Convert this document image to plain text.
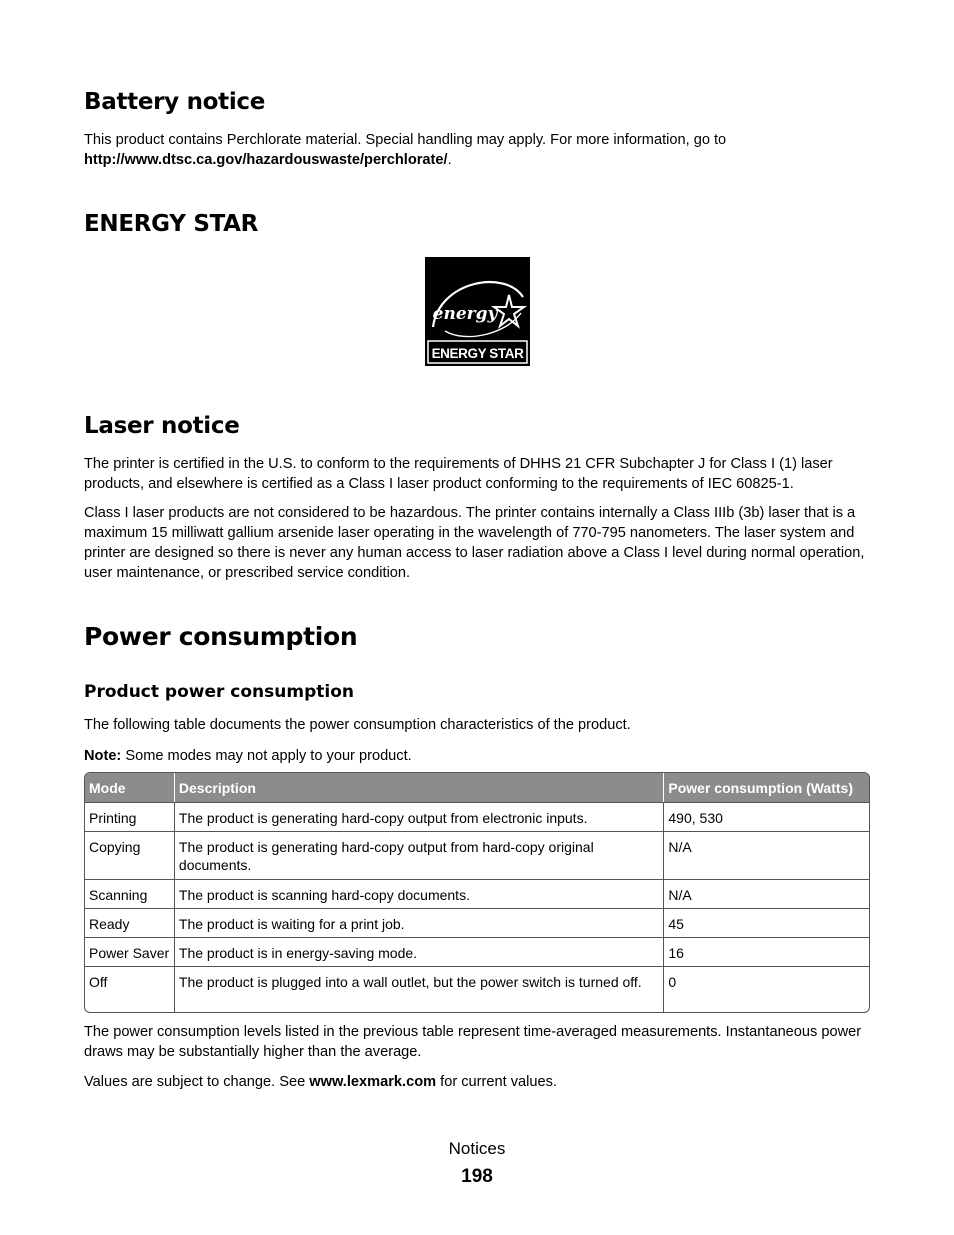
Battery notice

This product contains Perchlorate material. Special handling may apply. For more information, go to
http://www.dtsc.ca.gov/hazardouswaste/perchlorate/.

ENERGY STAR
energy
ENERGY STAR
Laser notice

The printer is certified in the U.S. to conform to the requirements of DHHS 21 CFR Subchapter J for Class I (1) laser products, and elsewhere is certified as a Class I laser product conforming to the requirements of IEC 60825-1.

Class I laser products are not considered to be hazardous. The printer contains internally a Class IIIb (3b) laser that is a maximum 15 milliwatt gallium arsenide laser operating in the wavelength of 770-795 nanometers. The laser system and printer are designed so there is never any human access to laser radiation above a Class I level during normal operation, user maintenance, or prescribed service condition.

Power consumption
Product power consumption

The following table documents the power consumption characteristics of the product.

Note: Some modes may not apply to your product.

Mode	Description	Power consumption (Watts)
Printing	The product is generating hard-copy output from electronic inputs.	490, 530
Copying	The product is generating hard-copy output from hard-copy original documents.	N/A
Scanning	The product is scanning hard-copy documents.	N/A
Ready	The product is waiting for a print job.	45
Power Saver	The product is in energy-saving mode.	16
Off	The product is plugged into a wall outlet, but the power switch is turned off.	0

The power consumption levels listed in the previous table represent time-averaged measurements. Instantaneous power draws may be substantially higher than the average.

Values are subject to change. See www.lexmark.com for current values.

Notices
198
